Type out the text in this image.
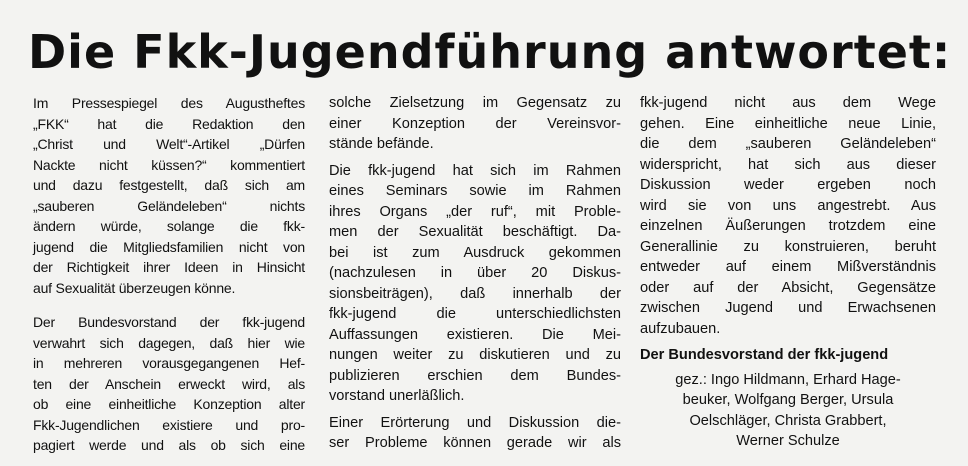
Die Fkk-Jugendführung antwortet:

Im Pressespiegel des Augustheftes
„FKK“ hat die Redaktion den
„Christ und Welt“-Artikel „Dürfen
Nackte nicht küssen?“ kommentiert
und dazu festgestellt, daß sich am
„sauberen Geländeleben“ nichts
ändern würde, solange die fkk-
jugend die Mitgliedsfamilien nicht von
der Richtigkeit ihrer Ideen in Hinsicht
auf Sexualität überzeugen könne.

Der Bundesvorstand der fkk-jugend
verwahrt sich dagegen, daß hier wie
in mehreren vorausgegangenen Hef-
ten der Anschein erweckt wird, als
ob eine einheitliche Konzeption alter
Fkk-Jugendlichen existiere und pro-
pagiert werde und als ob sich eine

solche Zielsetzung im Gegensatz zu
einer Konzeption der Vereinsvor-
stände befände.

Die fkk-jugend hat sich im Rahmen
eines Seminars sowie im Rahmen
ihres Organs „der ruf“, mit Proble-
men der Sexualität beschäftigt. Da-
bei ist zum Ausdruck gekommen
(nachzulesen in über 20 Diskus-
sionsbeiträgen), daß innerhalb der
fkk-jugend die unterschiedlichsten
Auffassungen existieren. Die Mei-
nungen weiter zu diskutieren und zu
publizieren erschien dem Bundes-
vorstand unerläßlich.

Einer Erörterung und Diskussion die-
ser Probleme können gerade wir als

fkk-jugend nicht aus dem Wege
gehen. Eine einheitliche neue Linie,
die dem „sauberen Geländeleben“
widerspricht, hat sich aus dieser
Diskussion weder ergeben noch
wird sie von uns angestrebt. Aus
einzelnen Äußerungen trotzdem eine
Generallinie zu konstruieren, beruht
entweder auf einem Mißverständnis
oder auf der Absicht, Gegensätze
zwischen Jugend und Erwachsenen
aufzubauen.

Der Bundesvorstand der fkk-jugend
gez.: Ingo Hildmann, Erhard Hage-
beuker, Wolfgang Berger, Ursula
Oelschläger, Christa Grabbert,
Werner Schulze
